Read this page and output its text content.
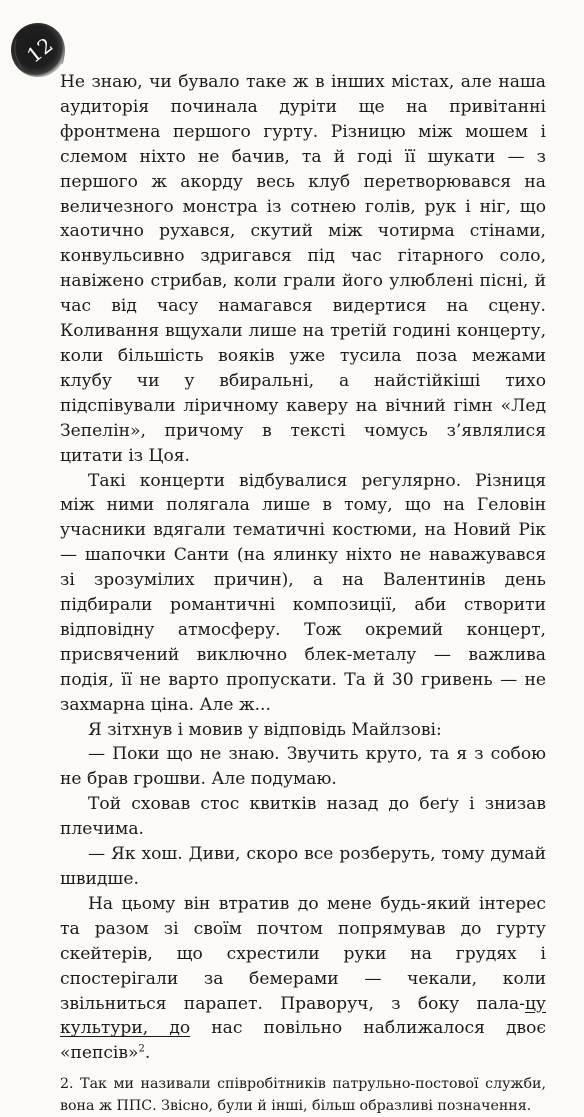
12

Не знаю, чи бувало таке ж в інших містах, але наша аудиторія починала дуріти ще на привітанні фронтмена першого гурту. Різницю між мошем і слемом ніхто не бачив, та й годі її шукати — з першого ж акорду весь клуб перетворювався на величезного монстра із сотнею голів, рук і ніг, що хаотично рухався, скутий між чотирма стінами, конвульсивно здригався під час гітарного соло, навіжено стрибав, коли грали його улюблені пісні, й час від часу намагався видертися на сцену. Коливання вщухали лише на третій годині концерту, коли більшість вояків уже тусила поза межами клубу чи у вбиральні, а найстійкіші тихо підспівували ліричному каверу на вічний гімн «Лед Зепелін», причому в тексті чомусь з’являлися цитати із Цоя.

Такі концерти відбувалися регулярно. Різниця між ними полягала лише в тому, що на Геловін учасники вдягали тематичні костюми, на Новий Рік — шапочки Санти (на ялинку ніхто не наважувався зі зрозумілих причин), а на Валентинів день підбирали романтичні композиції, аби створити відповідну атмосферу. Тож окремий концерт, присвячений виключно блек-металу — важлива подія, її не варто пропускати. Та й 30 гривень — не захмарна ціна. Але ж...

Я зітхнув і мовив у відповідь Майлзові:

— Поки що не знаю. Звучить круто, та я з собою не брав грошви. Але подумаю.

Той сховав стос квитків назад до беґу і знизав плечима.

— Як хош. Диви, скоро все розберуть, тому думай швидше.

На цьому він втратив до мене будь-який інтерес та разом зі своїм почтом попрямував до гурту скейтерів, що схрестили руки на грудях і спостерігали за бемерами — чекали, коли звільниться парапет. Праворуч, з боку пала-цу культури, до нас повільно наближалося двоє «пепсів»$^2$.

2. Так ми називали співробітників патрульно-постової служби, вона ж ППС. Звісно, були й інші, більш образливі позначення.
